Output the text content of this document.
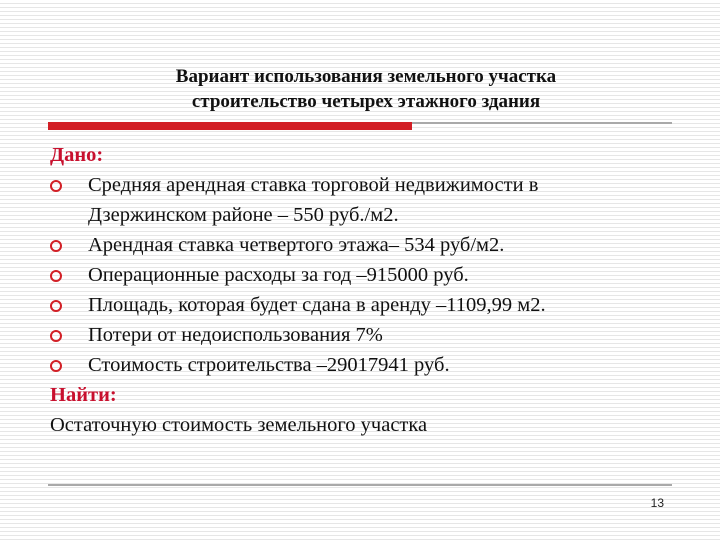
Вариант использования земельного участка
строительство четырех этажного здания
Дано:
Средняя арендная ставка торговой недвижимости в
Дзержинском районе – 550 руб./м2.
Арендная ставка четвертого этажа– 534 руб/м2.
Операционные расходы за год –915000 руб.
Площадь, которая будет сдана в аренду –1109,99 м2.
Потери от недоиспользования 7%
Стоимость строительства –29017941 руб.
Найти:

Остаточную стоимость земельного участка

13
